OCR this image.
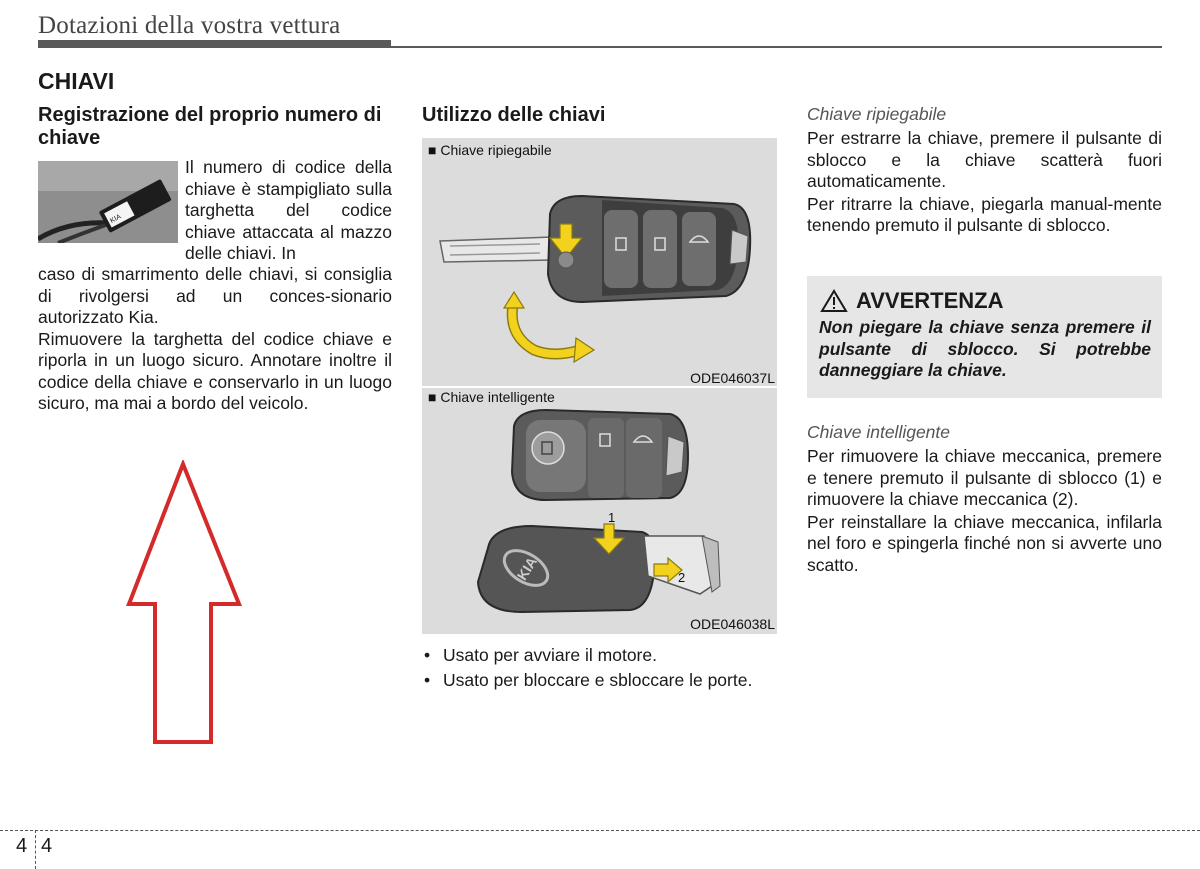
Dotazioni della vostra vettura
CHIAVI
Registrazione del proprio numero di chiave
KIA

Il numero di codice della chiave è stampigliato sulla targhetta del codice chiave attaccata al mazzo delle chiavi. In

caso di smarrimento delle chiavi, si consiglia di rivolgersi ad un conces-sionario autorizzato Kia.

Rimuovere la targhetta del codice chiave e riporla in un luogo sicuro. Annotare inoltre il codice della chiave e conservarlo in un luogo sicuro, ma mai a bordo del veicolo.

Utilizzo delle chiavi
■ Chiave ripiegabile
ODE046037L
KIA
■ Chiave intelligente
1
2
ODE046038L
• Usato per avviare il motore.
• Usato per bloccare e sbloccare le porte.
Chiave ripiegabile

Per estrarre la chiave, premere il pulsante di sblocco e la chiave scatterà fuori automaticamente.

Per ritrarre la chiave, piegarla manual-mente tenendo premuto il pulsante di sblocco.

AVVERTENZA
Non piegare la chiave senza premere il pulsante di sblocco. Si potrebbe danneggiare la chiave.
Chiave intelligente

Per rimuovere la chiave meccanica, premere e tenere premuto il pulsante di sblocco (1) e rimuovere la chiave meccanica (2).

Per reinstallare la chiave meccanica, infilarla nel foro e spingerla finché non si avverte uno scatto.

4 4
